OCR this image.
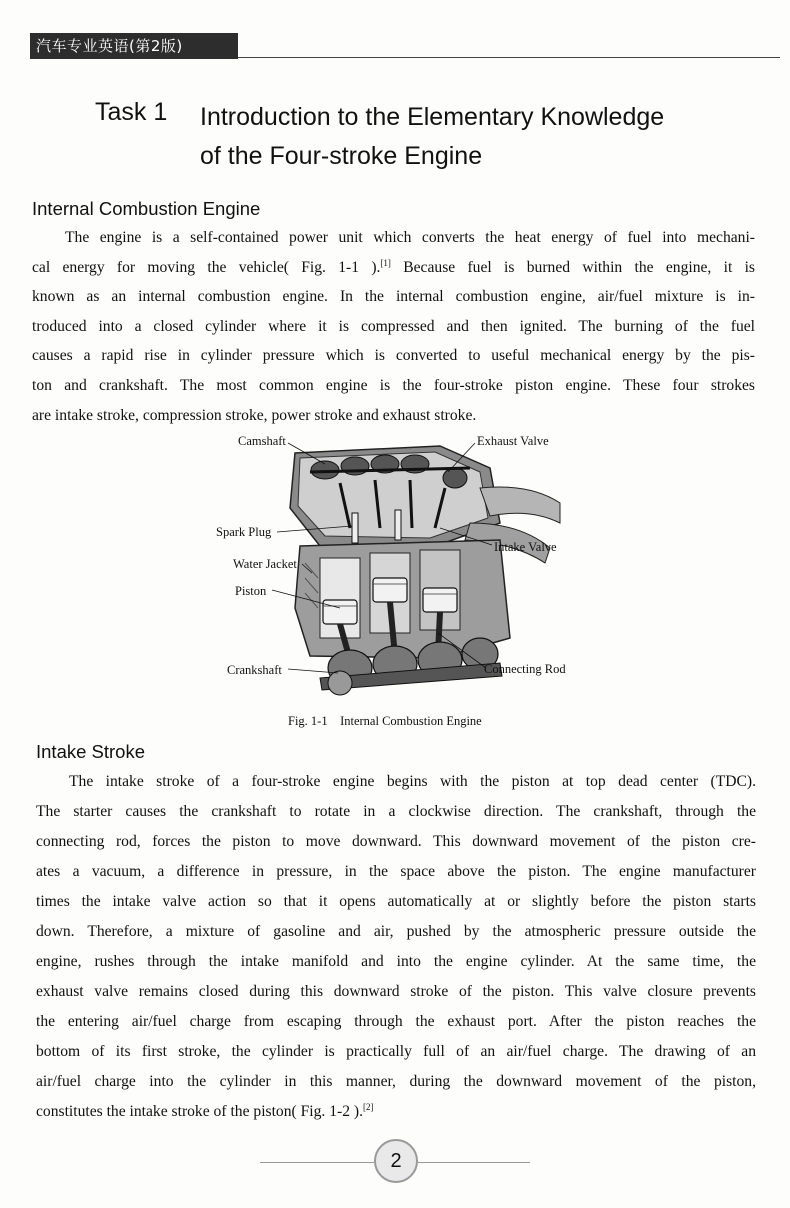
汽车专业英语(第2版)
Task 1 Introduction to the Elementary Knowledge
of the Four-stroke Engine
Internal Combustion Engine
The engine is a self-contained power unit which converts the heat energy of fuel into mechani-
cal energy for moving the vehicle( Fig. 1-1 ).[1] Because fuel is burned within the engine, it is
known as an internal combustion engine. In the internal combustion engine, air/fuel mixture is in-
troduced into a closed cylinder where it is compressed and then ignited. The burning of the fuel
causes a rapid rise in cylinder pressure which is converted to useful mechanical energy by the pis-
ton and crankshaft. The most common engine is the four-stroke piston engine. These four strokes
are intake stroke, compression stroke, power stroke and exhaust stroke.
Camshaft	Exhaust Valve
Spark Plug
Intake Valve
Water Jacket
Piston
Crankshaft	Connecting Rod
Fig. 1-1    Internal Combustion Engine
Intake Stroke
The intake stroke of a four-stroke engine begins with the piston at top dead center (TDC).
The starter causes the crankshaft to rotate in a clockwise direction. The crankshaft, through the
connecting rod, forces the piston to move downward. This downward movement of the piston cre-
ates a vacuum, a difference in pressure, in the space above the piston. The engine manufacturer
times the intake valve action so that it opens automatically at or slightly before the piston starts
down. Therefore, a mixture of gasoline and air, pushed by the atmospheric pressure outside the
engine, rushes through the intake manifold and into the engine cylinder. At the same time, the
exhaust valve remains closed during this downward stroke of the piston. This valve closure prevents
the entering air/fuel charge from escaping through the exhaust port. After the piston reaches the
bottom of its first stroke, the cylinder is practically full of an air/fuel charge. The drawing of an
air/fuel charge into the cylinder in this manner, during the downward movement of the piston,
constitutes the intake stroke of the piston( Fig. 1-2 ).[2]
2
